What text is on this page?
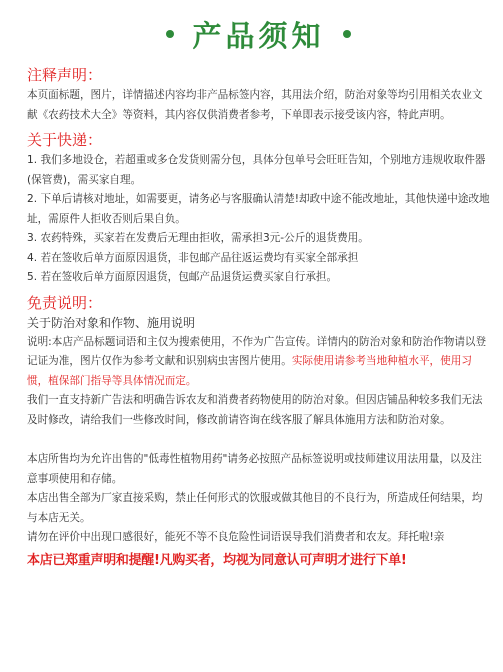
产品须知
注释声明：

本页面标题，图片，详情描述内容均非产品标签内容，其用法介绍，防治对象等均引用相关农业文献《农药技术大全》等资料，其内容仅供消费者参考，下单即表示接受该内容，特此声明。

关于快递：

1. 我们多地设仓，若超重或多仓发货则需分包，具体分包单号会旺旺告知，个别地方违规收取件器(保管费)，需买家自理。

2. 下单后请核对地址，如需要更，请务必与客服确认清楚!却政中途不能改地址，其他快递中途改地址，需原件人拒收否则后果自负。

3. 农药特殊，买家若在发费后无理由拒收，需承担3元-公斤的退货费用。

4. 若在签收后单方面原因退货，非包邮产品往返运费均有买家全部承担

5. 若在签收后单方面原因退货，包邮产品退货运费买家自行承担。

免责说明：
关于防治对象和作物、施用说明

说明:本店产品标题词语和主仅为搜索使用，不作为广告宣传。详情内的防治对象和防治作物请以登记证为准，图片仅作为参考文献和识别病虫害图片使用。实际使用请参考当地种植水平，使用习惯，植保部门指导等具体情况而定。

我们一直支持新广告法和明确告诉农友和消费者药物使用的防治对象。但因店铺品种较多我们无法及时修改，请给我们一些修改时间，修改前请咨询在线客服了解具体施用方法和防治对象。

本店所售均为允许出售的"低毒性植物用药"请务必按照产品标签说明或技师建议用法用量，以及注意事项使用和存储。

本店出售全部为厂家直接采购，禁止任何形式的饮服或做其他目的不良行为，所造成任何结果，均与本店无关。

请勿在评价中出现口感很好，能死不等不良危险性词语误导我们消费者和农友。拜托啦!亲

本店已郑重声明和提醒!凡购买者，均视为同意认可声明才进行下单!
